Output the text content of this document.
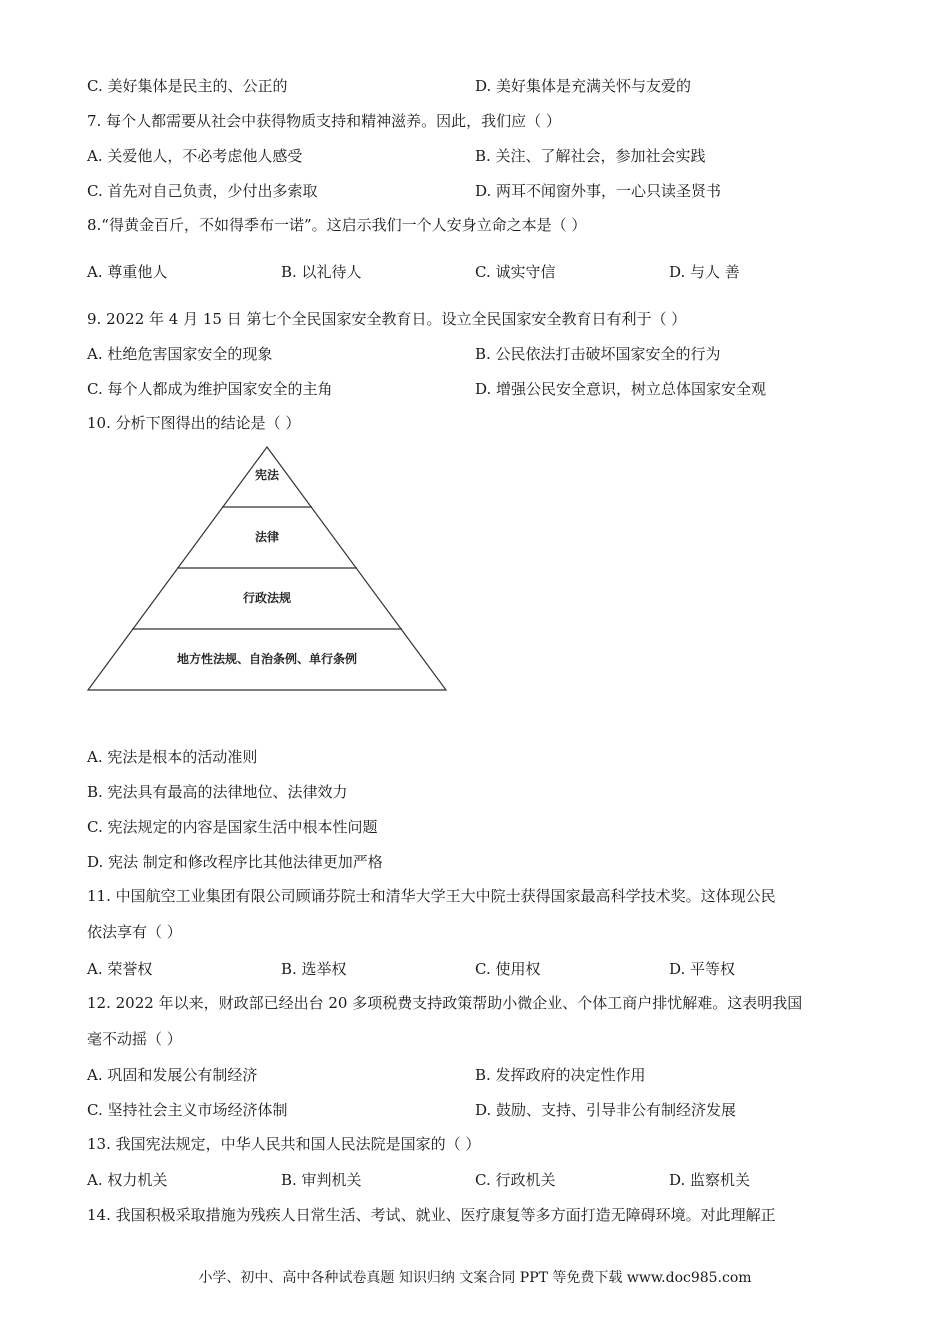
C. 美好集体是民主的、公正的	D. 美好集体是充满关怀与友爱的
7. 每个人都需要从社会中获得物质支持和精神滋养。因此，我们应（ ）
A. 关爱他人，不必考虑他人感受	B. 关注、了解社会，参加社会实践
C. 首先对自己负责，少付出多索取	D. 两耳不闻窗外事，一心只读圣贤书
8.“得黄金百斤，不如得季布一诺”。这启示我们一个人安身立命之本是（ ）
A. 尊重他人	B. 以礼待人	C. 诚实守信	D. 与人 善
9. 2022 年 4 月 15 日 第七个全民国家安全教育日。设立全民国家安全教育日有利于（ ）
A. 杜绝危害国家安全的现象	B. 公民依法打击破坏国家安全的行为
C. 每个人都成为维护国家安全的主角	D. 增强公民安全意识，树立总体国家安全观
10. 分析下图得出的结论是（ ）
宪法
法律
行政法规
地方性法规、自治条例、单行条例
A. 宪法是根本的活动准则
B. 宪法具有最高的法律地位、法律效力
C. 宪法规定的内容是国家生活中根本性问题
D. 宪法 制定和修改程序比其他法律更加严格
11. 中国航空工业集团有限公司顾诵芬院士和清华大学王大中院士获得国家最高科学技术奖。这体现公民
依法享有（ ）
A. 荣誉权	B. 选举权	C. 使用权	D. 平等权
12. 2022 年以来，财政部已经出台 20 多项税费支持政策帮助小微企业、个体工商户排忧解难。这表明我国
毫不动摇（ ）
A. 巩固和发展公有制经济	B. 发挥政府的决定性作用
C. 坚持社会主义市场经济体制	D. 鼓励、支持、引导非公有制经济发展
13. 我国宪法规定，中华人民共和国人民法院是国家的（ ）
A. 权力机关	B. 审判机关	C. 行政机关	D. 监察机关
14. 我国积极采取措施为残疾人日常生活、考试、就业、医疗康复等多方面打造无障碍环境。对此理解正
小学、初中、高中各种试卷真题 知识归纳 文案合同 PPT 等免费下载 www.doc985.com
